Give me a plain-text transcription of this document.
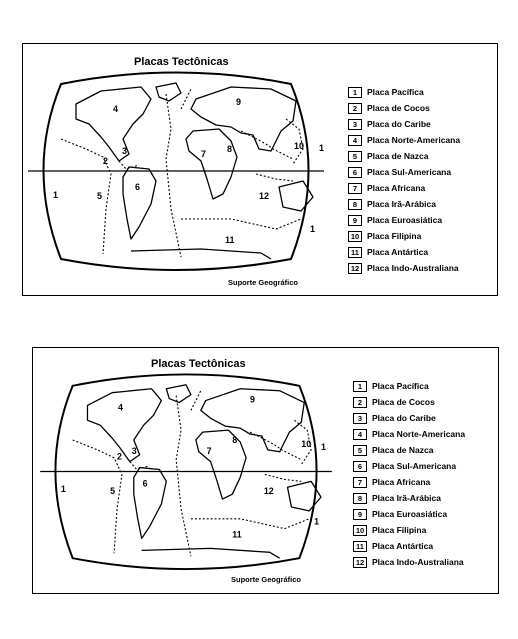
Placas Tectônicas
4
9
2
3	8
7
10 1
1	5
6
12
1
11
Suporte Geográfico
1	Placa Pacífica
2	Placa de Cocos
3	Placa do Caribe
4	Placa Norte-Americana
5	Placa de Nazca
6	Placa Sul-Americana
7	Placa Africana
8	Placa Irã-Arábica
9	Placa Euroasiática
10 Placa Filipina
11 Placa Antártica
12 Placa Indo-Australiana
Placas Tectônicas
4
9
2
3
8
7
10 1
1	5
6
12
1
11
Suporte Geográfico
1	Placa Pacífica
2	Placa de Cocos
3	Placa do Caribe
4	Placa Norte-Americana
5	Placa de Nazca
6	Placa Sul-Americana
7	Placa Africana
8	Placa Irã-Arábica
9	Placa Euroasiática
10 Placa Filipina
11 Placa Antártica
12 Placa Indo-Australiana
